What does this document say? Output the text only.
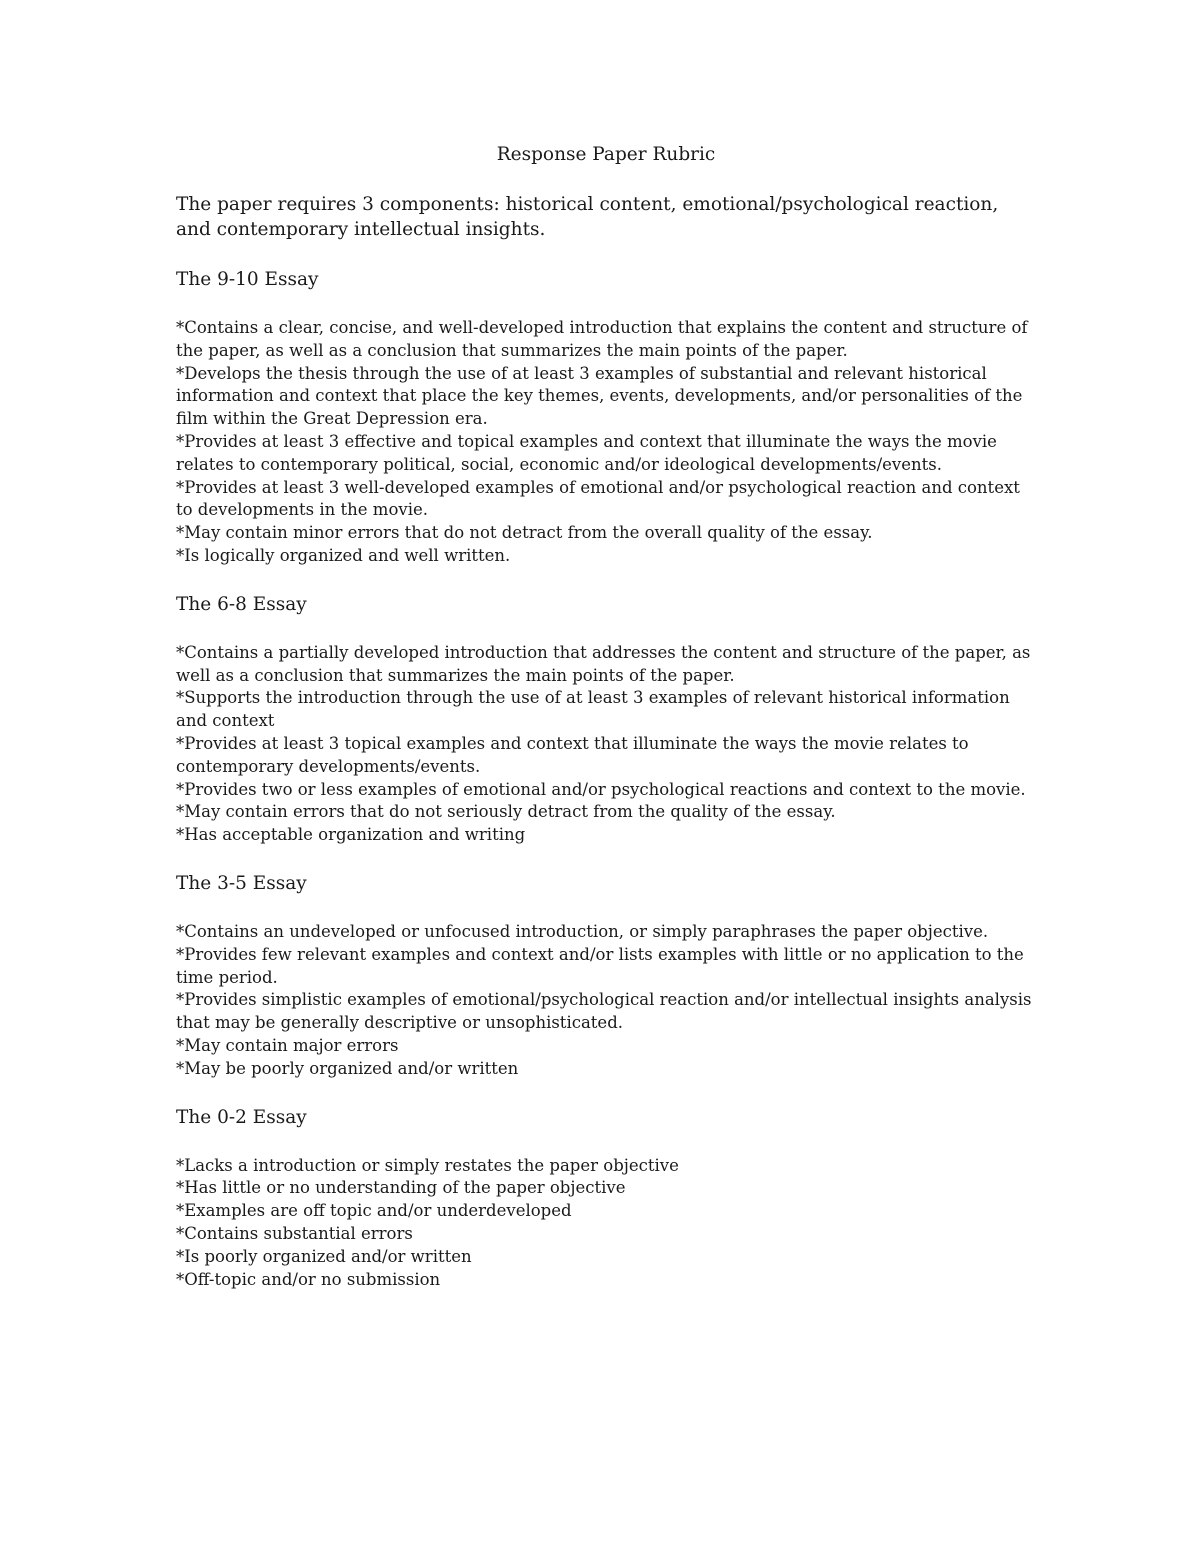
Response Paper Rubric
The paper requires 3 components: historical content, emotional/psychological reaction, and contemporary intellectual insights.
The 9-10 Essay
*Contains a clear, concise, and well-developed introduction that explains the content and structure of the paper, as well as a conclusion that summarizes the main points of the paper.
*Develops the thesis through the use of at least 3 examples of substantial and relevant historical information and context that place the key themes, events, developments, and/or personalities of the film within the Great Depression era.
*Provides at least 3 effective and topical examples and context that illuminate the ways the movie relates to contemporary political, social, economic and/or ideological developments/events.
*Provides at least 3 well-developed examples of emotional and/or psychological reaction and context to developments in the movie.
*May contain minor errors that do not detract from the overall quality of the essay.
*Is logically organized and well written.
The 6-8 Essay
*Contains a partially developed introduction that addresses the content and structure of the paper, as well as a conclusion that summarizes the main points of the paper.
*Supports the introduction through the use of at least 3 examples of relevant historical information and context
*Provides at least 3 topical examples and context that illuminate the ways the movie relates to contemporary developments/events.
*Provides two or less examples of emotional and/or psychological reactions and context to the movie.
*May contain errors that do not seriously detract from the quality of the essay.
*Has acceptable organization and writing
The 3-5 Essay
*Contains an undeveloped or unfocused introduction, or simply paraphrases the paper objective.
*Provides few relevant examples and context and/or lists examples with little or no application to the time period.
*Provides simplistic examples of emotional/psychological reaction and/or intellectual insights analysis that may be generally descriptive or unsophisticated.
*May contain major errors
*May be poorly organized and/or written
The 0-2 Essay
*Lacks a introduction or simply restates the paper objective
*Has little or no understanding of the paper objective
*Examples are off topic and/or underdeveloped
*Contains substantial errors
*Is poorly organized and/or written
*Off-topic and/or no submission
